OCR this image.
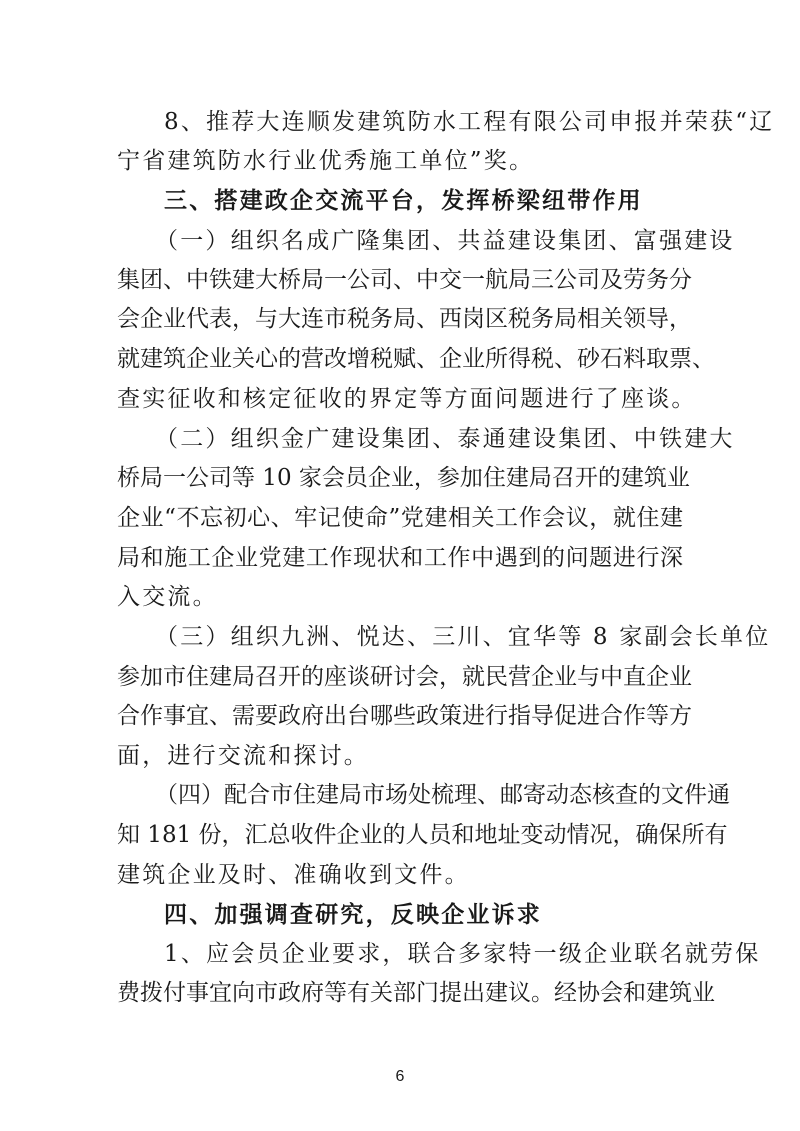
8、推荐大连顺发建筑防水工程有限公司申报并荣获“辽
宁省建筑防水行业优秀施工单位”奖。
三、搭建政企交流平台，发挥桥梁纽带作用
（一）组织名成广隆集团、共益建设集团、富强建设
集团、中铁建大桥局一公司、中交一航局三公司及劳务分
会企业代表，与大连市税务局、西岗区税务局相关领导，
就建筑企业关心的营改增税赋、企业所得税、砂石料取票、
查实征收和核定征收的界定等方面问题进行了座谈。
（二）组织金广建设集团、泰通建设集团、中铁建大
桥局一公司等 10 家会员企业，参加住建局召开的建筑业
企业“不忘初心、牢记使命”党建相关工作会议，就住建
局和施工企业党建工作现状和工作中遇到的问题进行深
入交流。
（三）组织九洲、悦达、三川、宜华等 8 家副会长单位
参加市住建局召开的座谈研讨会，就民营企业与中直企业
合作事宜、需要政府出台哪些政策进行指导促进合作等方
面，进行交流和探讨。
（四）配合市住建局市场处梳理、邮寄动态核查的文件通
知 181 份，汇总收件企业的人员和地址变动情况，确保所有
建筑企业及时、准确收到文件。
四、加强调查研究，反映企业诉求
1、应会员企业要求，联合多家特一级企业联名就劳保
费拨付事宜向市政府等有关部门提出建议。经协会和建筑业
6
